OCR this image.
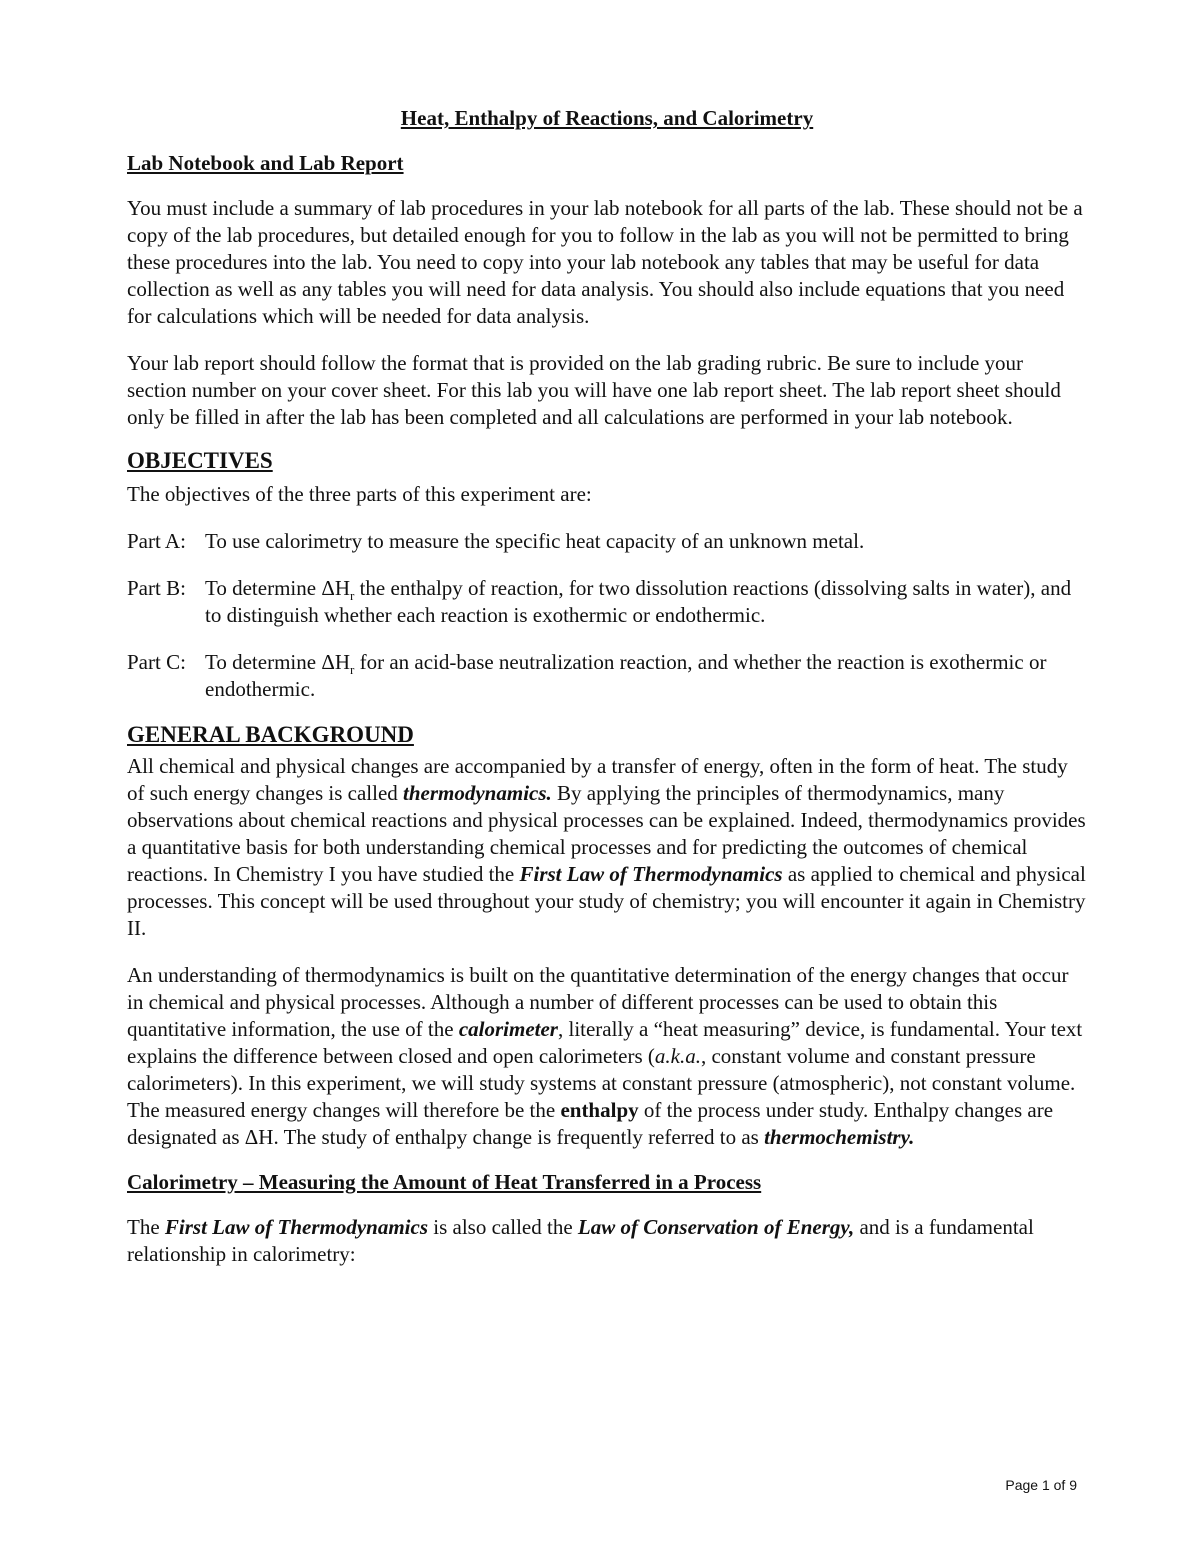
Heat, Enthalpy of Reactions, and Calorimetry
Lab Notebook and Lab Report

You must include a summary of lab procedures in your lab notebook for all parts of the lab. These should not be a copy of the lab procedures, but detailed enough for you to follow in the lab as you will not be permitted to bring these procedures into the lab. You need to copy into your lab notebook any tables that may be useful for data collection as well as any tables you will need for data analysis. You should also include equations that you need for calculations which will be needed for data analysis.

Your lab report should follow the format that is provided on the lab grading rubric. Be sure to include your section number on your cover sheet. For this lab you will have one lab report sheet. The lab report sheet should only be filled in after the lab has been completed and all calculations are performed in your lab notebook.

OBJECTIVES

The objectives of the three parts of this experiment are:

Part A: To use calorimetry to measure the specific heat capacity of an unknown metal.
Part B: To determine $\Delta H_r$ the enthalpy of reaction, for two dissolution reactions (dissolving salts in water), and to distinguish whether each reaction is exothermic or endothermic.
Part C: To determine $\Delta H_r$ for an acid-base neutralization reaction, and whether the reaction is exothermic or endothermic.
GENERAL BACKGROUND

All chemical and physical changes are accompanied by a transfer of energy, often in the form of heat. The study of such energy changes is called thermodynamics. By applying the principles of thermodynamics, many observations about chemical reactions and physical processes can be explained. Indeed, thermodynamics provides a quantitative basis for both understanding chemical processes and for predicting the outcomes of chemical reactions. In Chemistry I you have studied the First Law of Thermodynamics as applied to chemical and physical processes. This concept will be used throughout your study of chemistry; you will encounter it again in Chemistry II.

An understanding of thermodynamics is built on the quantitative determination of the energy changes that occur in chemical and physical processes. Although a number of different processes can be used to obtain this quantitative information, the use of the calorimeter, literally a “heat measuring” device, is fundamental. Your text explains the difference between closed and open calorimeters (a.k.a., constant volume and constant pressure calorimeters). In this experiment, we will study systems at constant pressure (atmospheric), not constant volume. The measured energy changes will therefore be the enthalpy of the process under study. Enthalpy changes are designated as ΔH. The study of enthalpy change is frequently referred to as thermochemistry.

Calorimetry – Measuring the Amount of Heat Transferred in a Process

The First Law of Thermodynamics is also called the Law of Conservation of Energy, and is a fundamental relationship in calorimetry:

Page 1 of 9
